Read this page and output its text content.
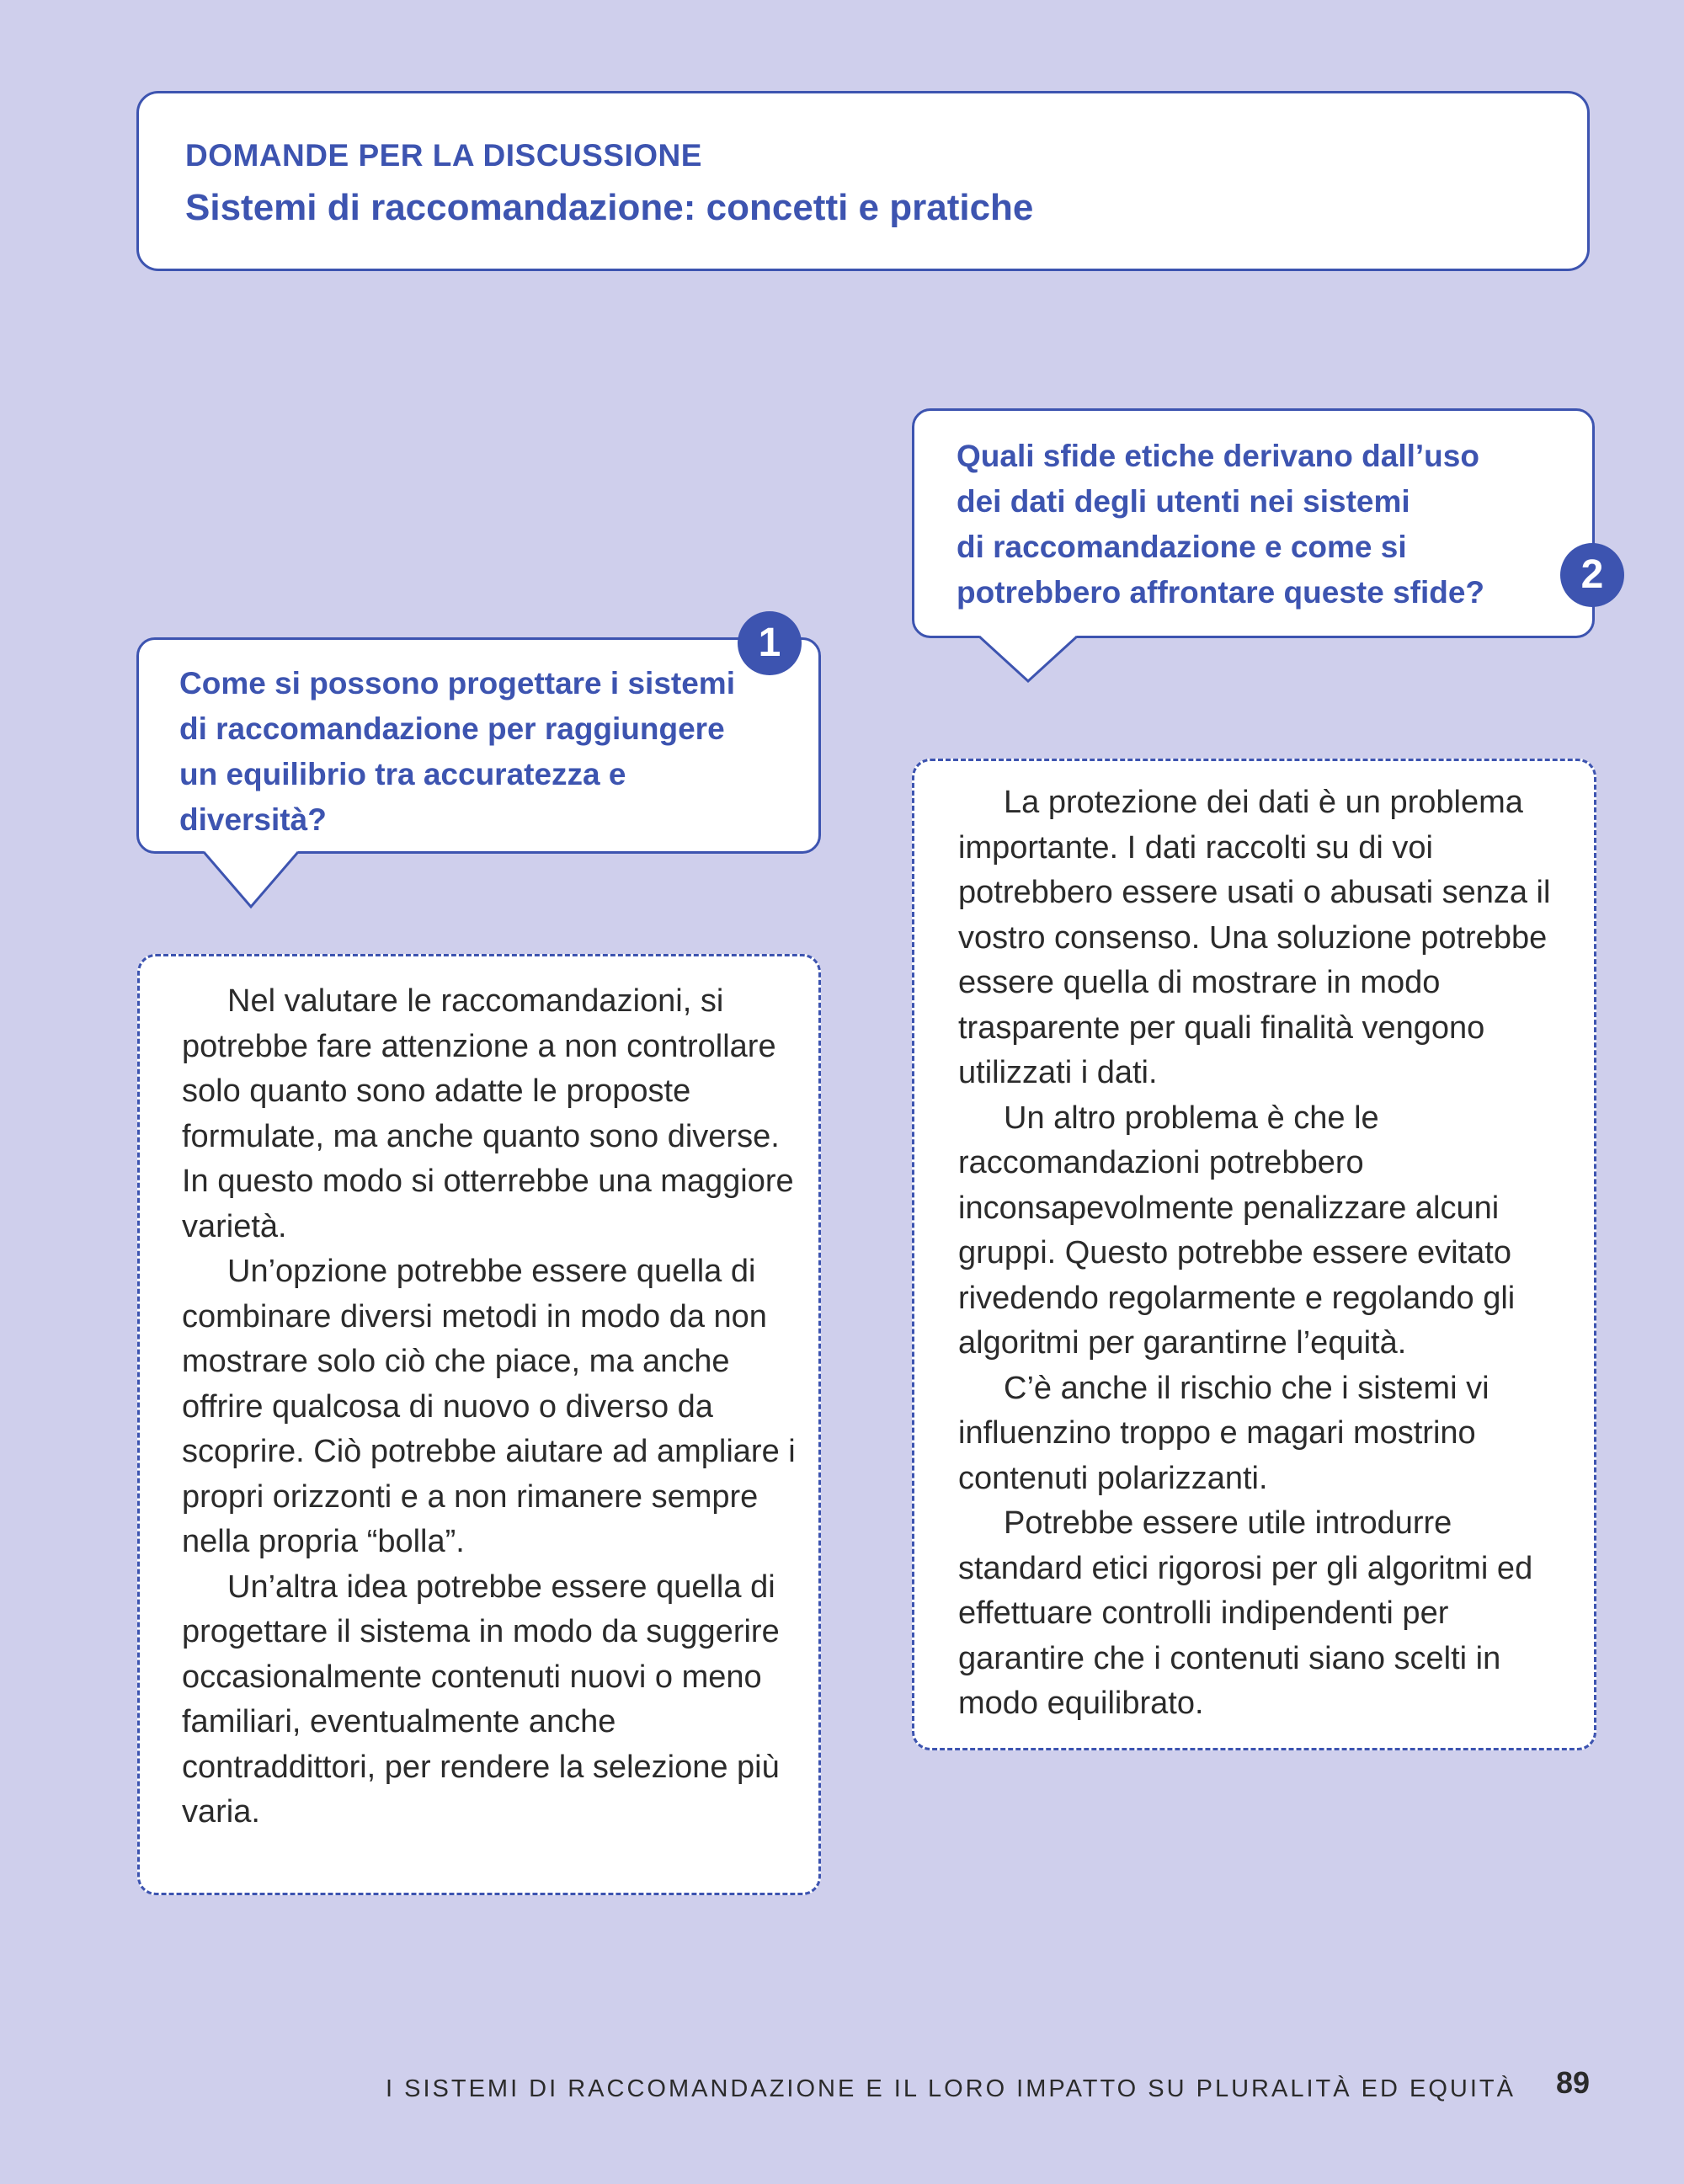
DOMANDE PER LA DISCUSSIONE

Sistemi di raccomandazione: concetti e pratiche

Quali sfide etiche derivano dall’uso
dei dati degli utenti nei sistemi
di raccomandazione e come si
potrebbero affrontare queste sfide?	2

Come si possono progettare i sistemi
di raccomandazione per raggiungere
un equilibrio tra accuratezza e
diversità?

1

La protezione dei dati è un problema importante. I dati raccolti su di voi potrebbero essere usati o abusati senza il vostro consenso. Una soluzione potrebbe essere quella di mostrare in modo trasparente per quali finalità vengono utilizzati i dati.

Un altro problema è che le raccomandazioni potrebbero inconsapevolmente penalizzare alcuni gruppi. Questo potrebbe essere evitato rivedendo regolarmente e regolando gli algoritmi per garantirne l’equità.

C’è anche il rischio che i sistemi vi influenzino troppo e magari mostrino contenuti polarizzanti.

Potrebbe essere utile introdurre standard etici rigorosi per gli algoritmi ed effettuare controlli indipendenti per garantire che i contenuti siano scelti in modo equilibrato.

Nel valutare le raccomandazioni, si potrebbe fare attenzione a non controllare solo quanto sono adatte le proposte formulate, ma anche quanto sono diverse. In questo modo si otterrebbe una maggiore varietà.

Un’opzione potrebbe essere quella di combinare diversi metodi in modo da non mostrare solo ciò che piace, ma anche offrire qualcosa di nuovo o diverso da scoprire. Ciò potrebbe aiutare ad ampliare i propri orizzonti e a non rimanere sempre nella propria “bolla”.

Un’altra idea potrebbe essere quella di progettare il sistema in modo da suggerire occasionalmente contenuti nuovi o meno familiari, eventualmente anche contraddittori, per rendere la selezione più varia.

I SISTEMI DI RACCOMANDAZIONE E IL LORO IMPATTO SU PLURALITÀ ED EQUITÀ 89
